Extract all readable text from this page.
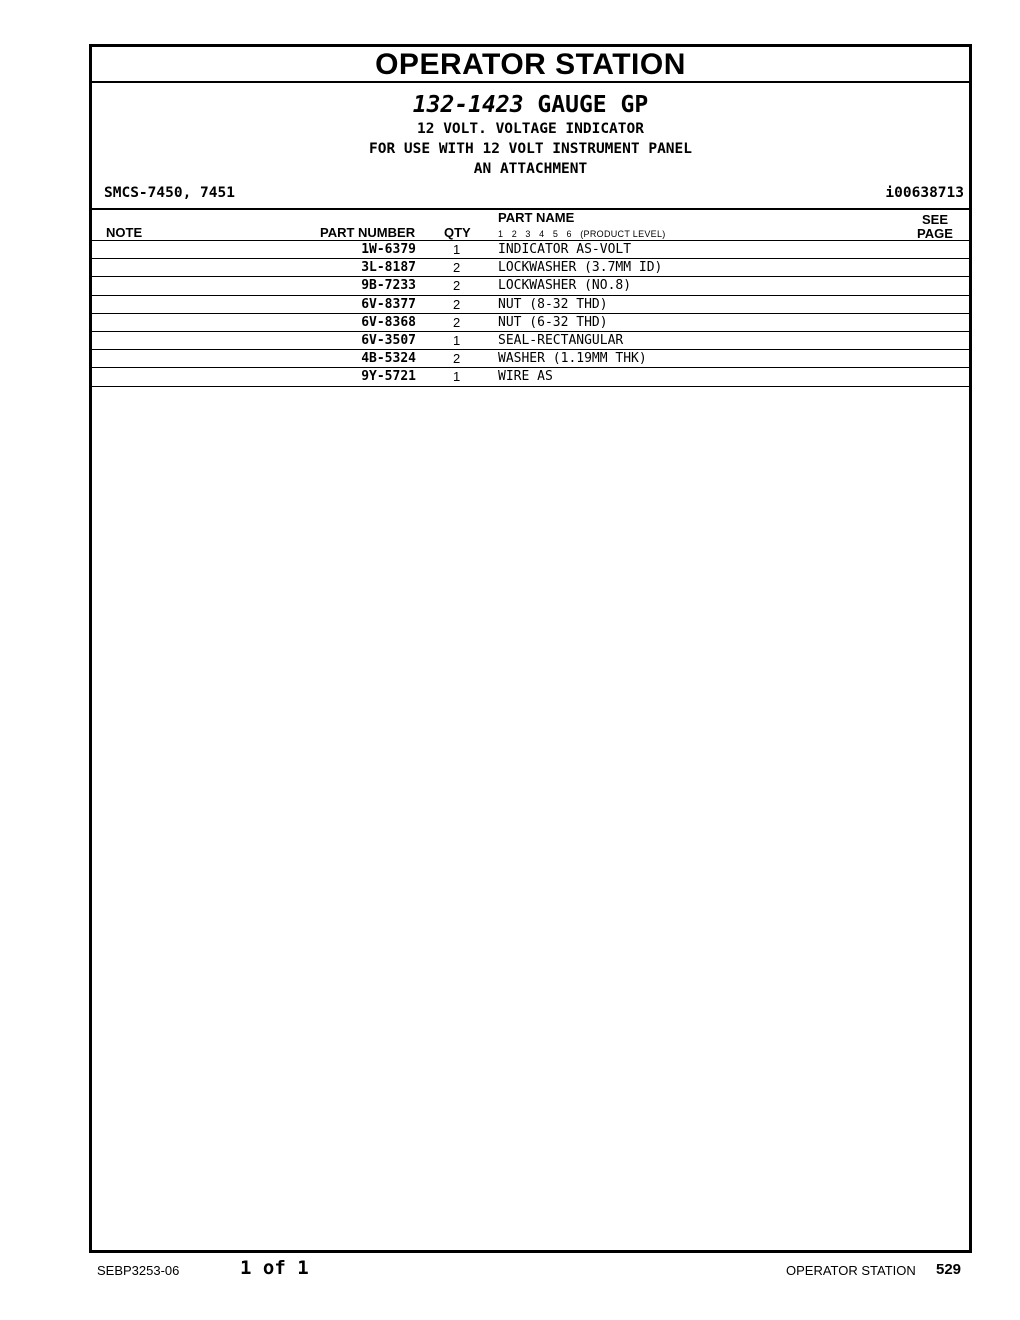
OPERATOR STATION
132-1423 GAUGE GP
12 VOLT. VOLTAGE INDICATOR
FOR USE WITH 12 VOLT INSTRUMENT PANEL
AN ATTACHMENT
SMCS-7450, 7451	i00638713
NOTE	PART NUMBER QTY
PART NAME
1   2   3   4   5   6   (PRODUCT LEVEL)
SEE
PAGE
1W-6379	1	INDICATOR AS-VOLT
3L-8187	2	LOCKWASHER (3.7MM ID)
9B-7233	2	LOCKWASHER (NO.8)
6V-8377	2	NUT (8-32 THD)
6V-8368	2	NUT (6-32 THD)
6V-3507	1	SEAL-RECTANGULAR
4B-5324	2	WASHER (1.19MM THK)
9Y-5721	1	WIRE AS
SEBP3253-06	1 of 1	OPERATOR STATION 529
